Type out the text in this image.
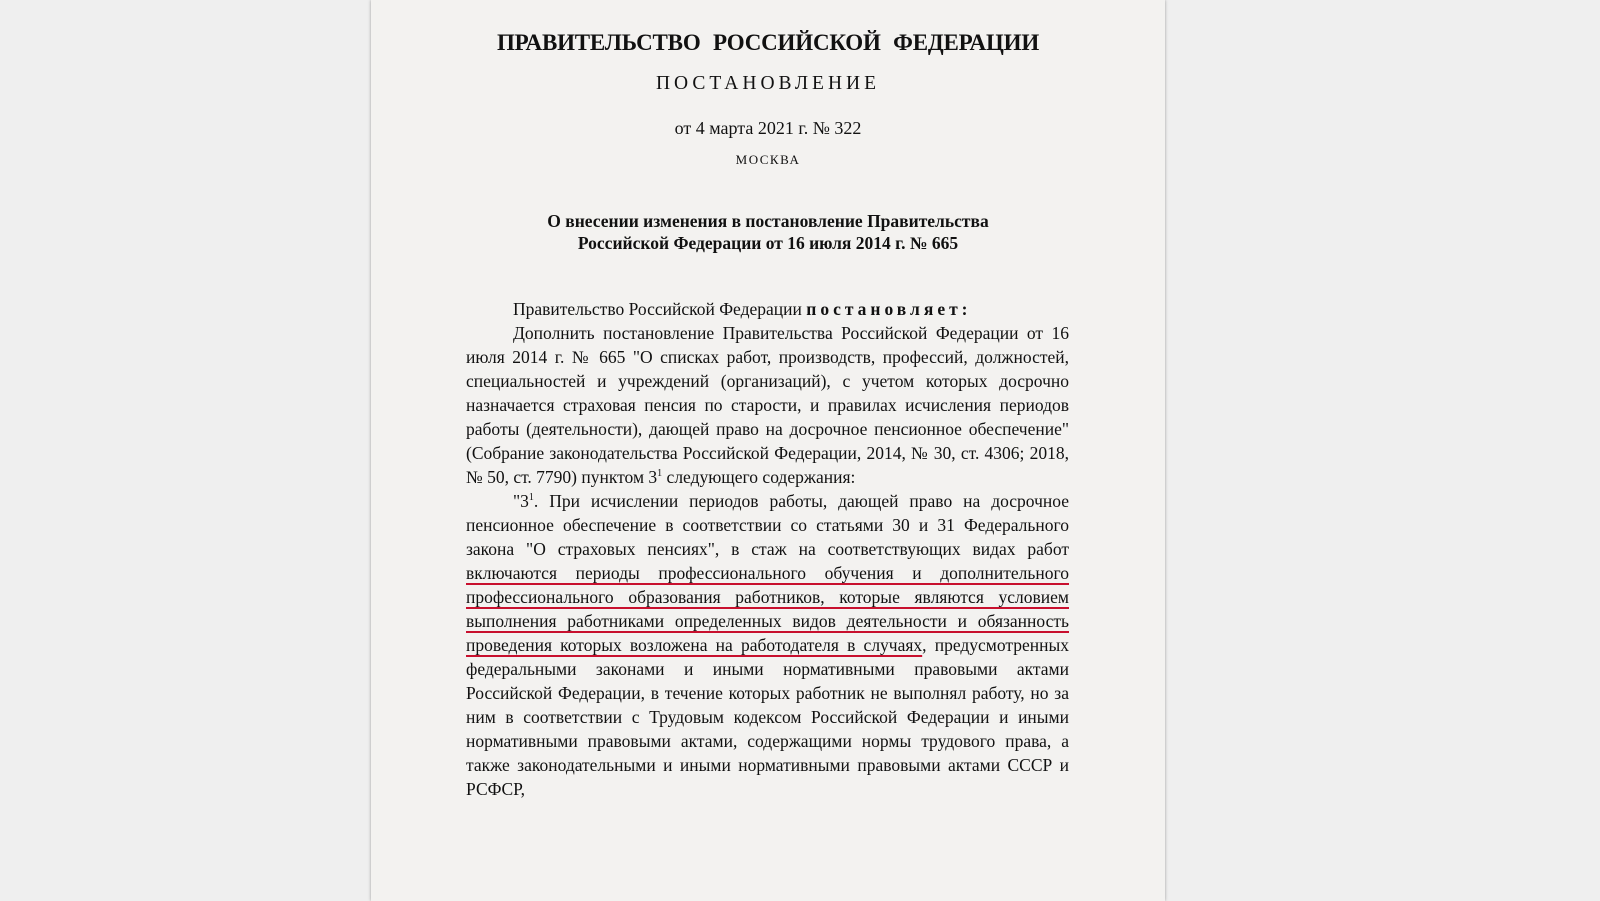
ПРАВИТЕЛЬСТВО РОССИЙСКОЙ ФЕДЕРАЦИИ
ПОСТАНОВЛЕНИЕ
от 4 марта 2021 г. № 322
МОСКВА
О внесении изменения в постановление Правительства
Российской Федерации от 16 июля 2014 г. № 665

Правительство Российской Федерации постановляет:

Дополнить постановление Правительства Российской Федерации от 16 июля 2014 г. № 665 "О списках работ, производств, профессий, должностей, специальностей и учреждений (организаций), с учетом которых досрочно назначается страховая пенсия по старости, и правилах исчисления периодов работы (деятельности), дающей право на досрочное пенсионное обеспечение" (Собрание законодательства Российской Федерации, 2014, № 30, ст. 4306; 2018, № 50, ст. 7790) пунктом $3^1$ следующего содержания:

"$3^1$. При исчислении периодов работы, дающей право на досрочное пенсионное обеспечение в соответствии со статьями 30 и 31 Федерального закона "О страховых пенсиях", в стаж на соответствующих видах работ включаются периоды профессионального обучения и дополнительного профессионального образования работников, которые являются условием выполнения работниками определенных видов деятельности и обязанность проведения которых возложена на работодателя в случаях, предусмотренных федеральными законами и иными нормативными правовыми актами Российской Федерации, в течение которых работник не выполнял работу, но за ним в соответствии с Трудовым кодексом Российской Федерации и иными нормативными правовыми актами, содержащими нормы трудового права, а также законодательными и иными нормативными правовыми актами СССР и РСФСР,
